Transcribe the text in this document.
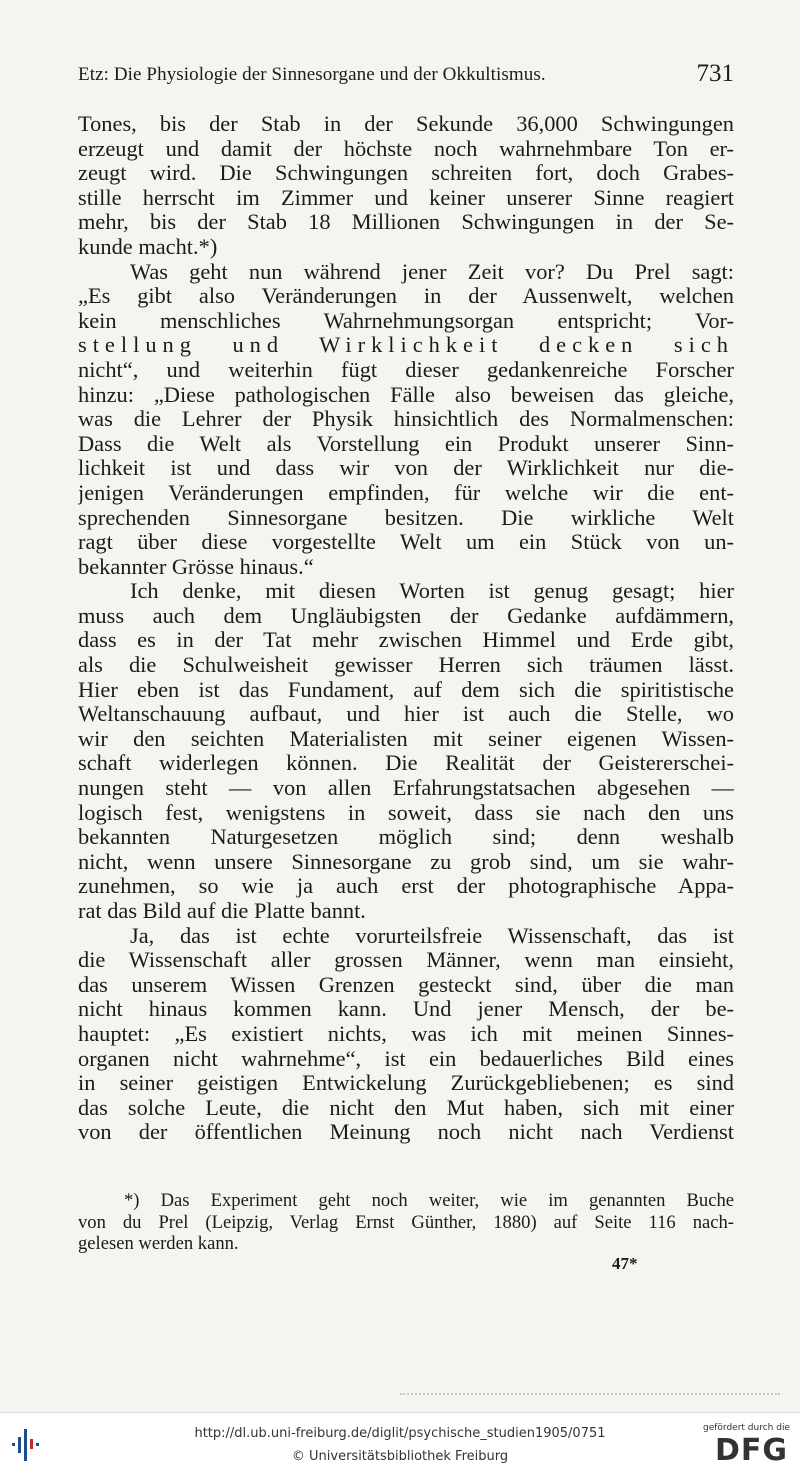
Etz: Die Physiologie der Sinnesorgane und der Okkultismus.	731
Tones, bis der Stab in der Sekunde 36,000 Schwingungen
erzeugt und damit der höchste noch wahrnehmbare Ton er-
zeugt wird. Die Schwingungen schreiten fort, doch Grabes-
stille herrscht im Zimmer und keiner unserer Sinne reagiert
mehr, bis der Stab 18 Millionen Schwingungen in der Se-
kunde macht.*)
Was geht nun während jener Zeit vor? Du Prel sagt:
„Es gibt also Veränderungen in der Aussenwelt, welchen
kein menschliches Wahrnehmungsorgan entspricht; Vor-
stellung und Wirklichkeit decken sich
nicht“, und weiterhin fügt dieser gedankenreiche Forscher
hinzu: „Diese pathologischen Fälle also beweisen das gleiche,
was die Lehrer der Physik hinsichtlich des Normalmenschen:
Dass die Welt als Vorstellung ein Produkt unserer Sinn-
lichkeit ist und dass wir von der Wirklichkeit nur die-
jenigen Veränderungen empfinden, für welche wir die ent-
sprechenden Sinnesorgane besitzen. Die wirkliche Welt
ragt über diese vorgestellte Welt um ein Stück von un-
bekannter Grösse hinaus.“
Ich denke, mit diesen Worten ist genug gesagt; hier
muss auch dem Ungläubigsten der Gedanke aufdämmern,
dass es in der Tat mehr zwischen Himmel und Erde gibt,
als die Schulweisheit gewisser Herren sich träumen lässt.
Hier eben ist das Fundament, auf dem sich die spiritistische
Weltanschauung aufbaut, und hier ist auch die Stelle, wo
wir den seichten Materialisten mit seiner eigenen Wissen-
schaft widerlegen können. Die Realität der Geistererschei-
nungen steht — von allen Erfahrungstatsachen abgesehen —
logisch fest, wenigstens in soweit, dass sie nach den uns
bekannten Naturgesetzen möglich sind; denn weshalb
nicht, wenn unsere Sinnesorgane zu grob sind, um sie wahr-
zunehmen, so wie ja auch erst der photographische Appa-
rat das Bild auf die Platte bannt.
Ja, das ist echte vorurteilsfreie Wissenschaft, das ist
die Wissenschaft aller grossen Männer, wenn man einsieht,
das unserem Wissen Grenzen gesteckt sind, über die man
nicht hinaus kommen kann. Und jener Mensch, der be-
hauptet: „Es existiert nichts, was ich mit meinen Sinnes-
organen nicht wahrnehme“, ist ein bedauerliches Bild eines
in seiner geistigen Entwickelung Zurückgebliebenen; es sind
das solche Leute, die nicht den Mut haben, sich mit einer
von der öffentlichen Meinung noch nicht nach Verdienst
*) Das Experiment geht noch weiter, wie im genannten Buche
von du Prel (Leipzig, Verlag Ernst Günther, 1880) auf Seite 116 nach-
gelesen werden kann.
47*
http://dl.ub.uni-freiburg.de/diglit/psychische_studien1905/0751
© Universitätsbibliothek Freiburg
gefördert durch die
DFG
